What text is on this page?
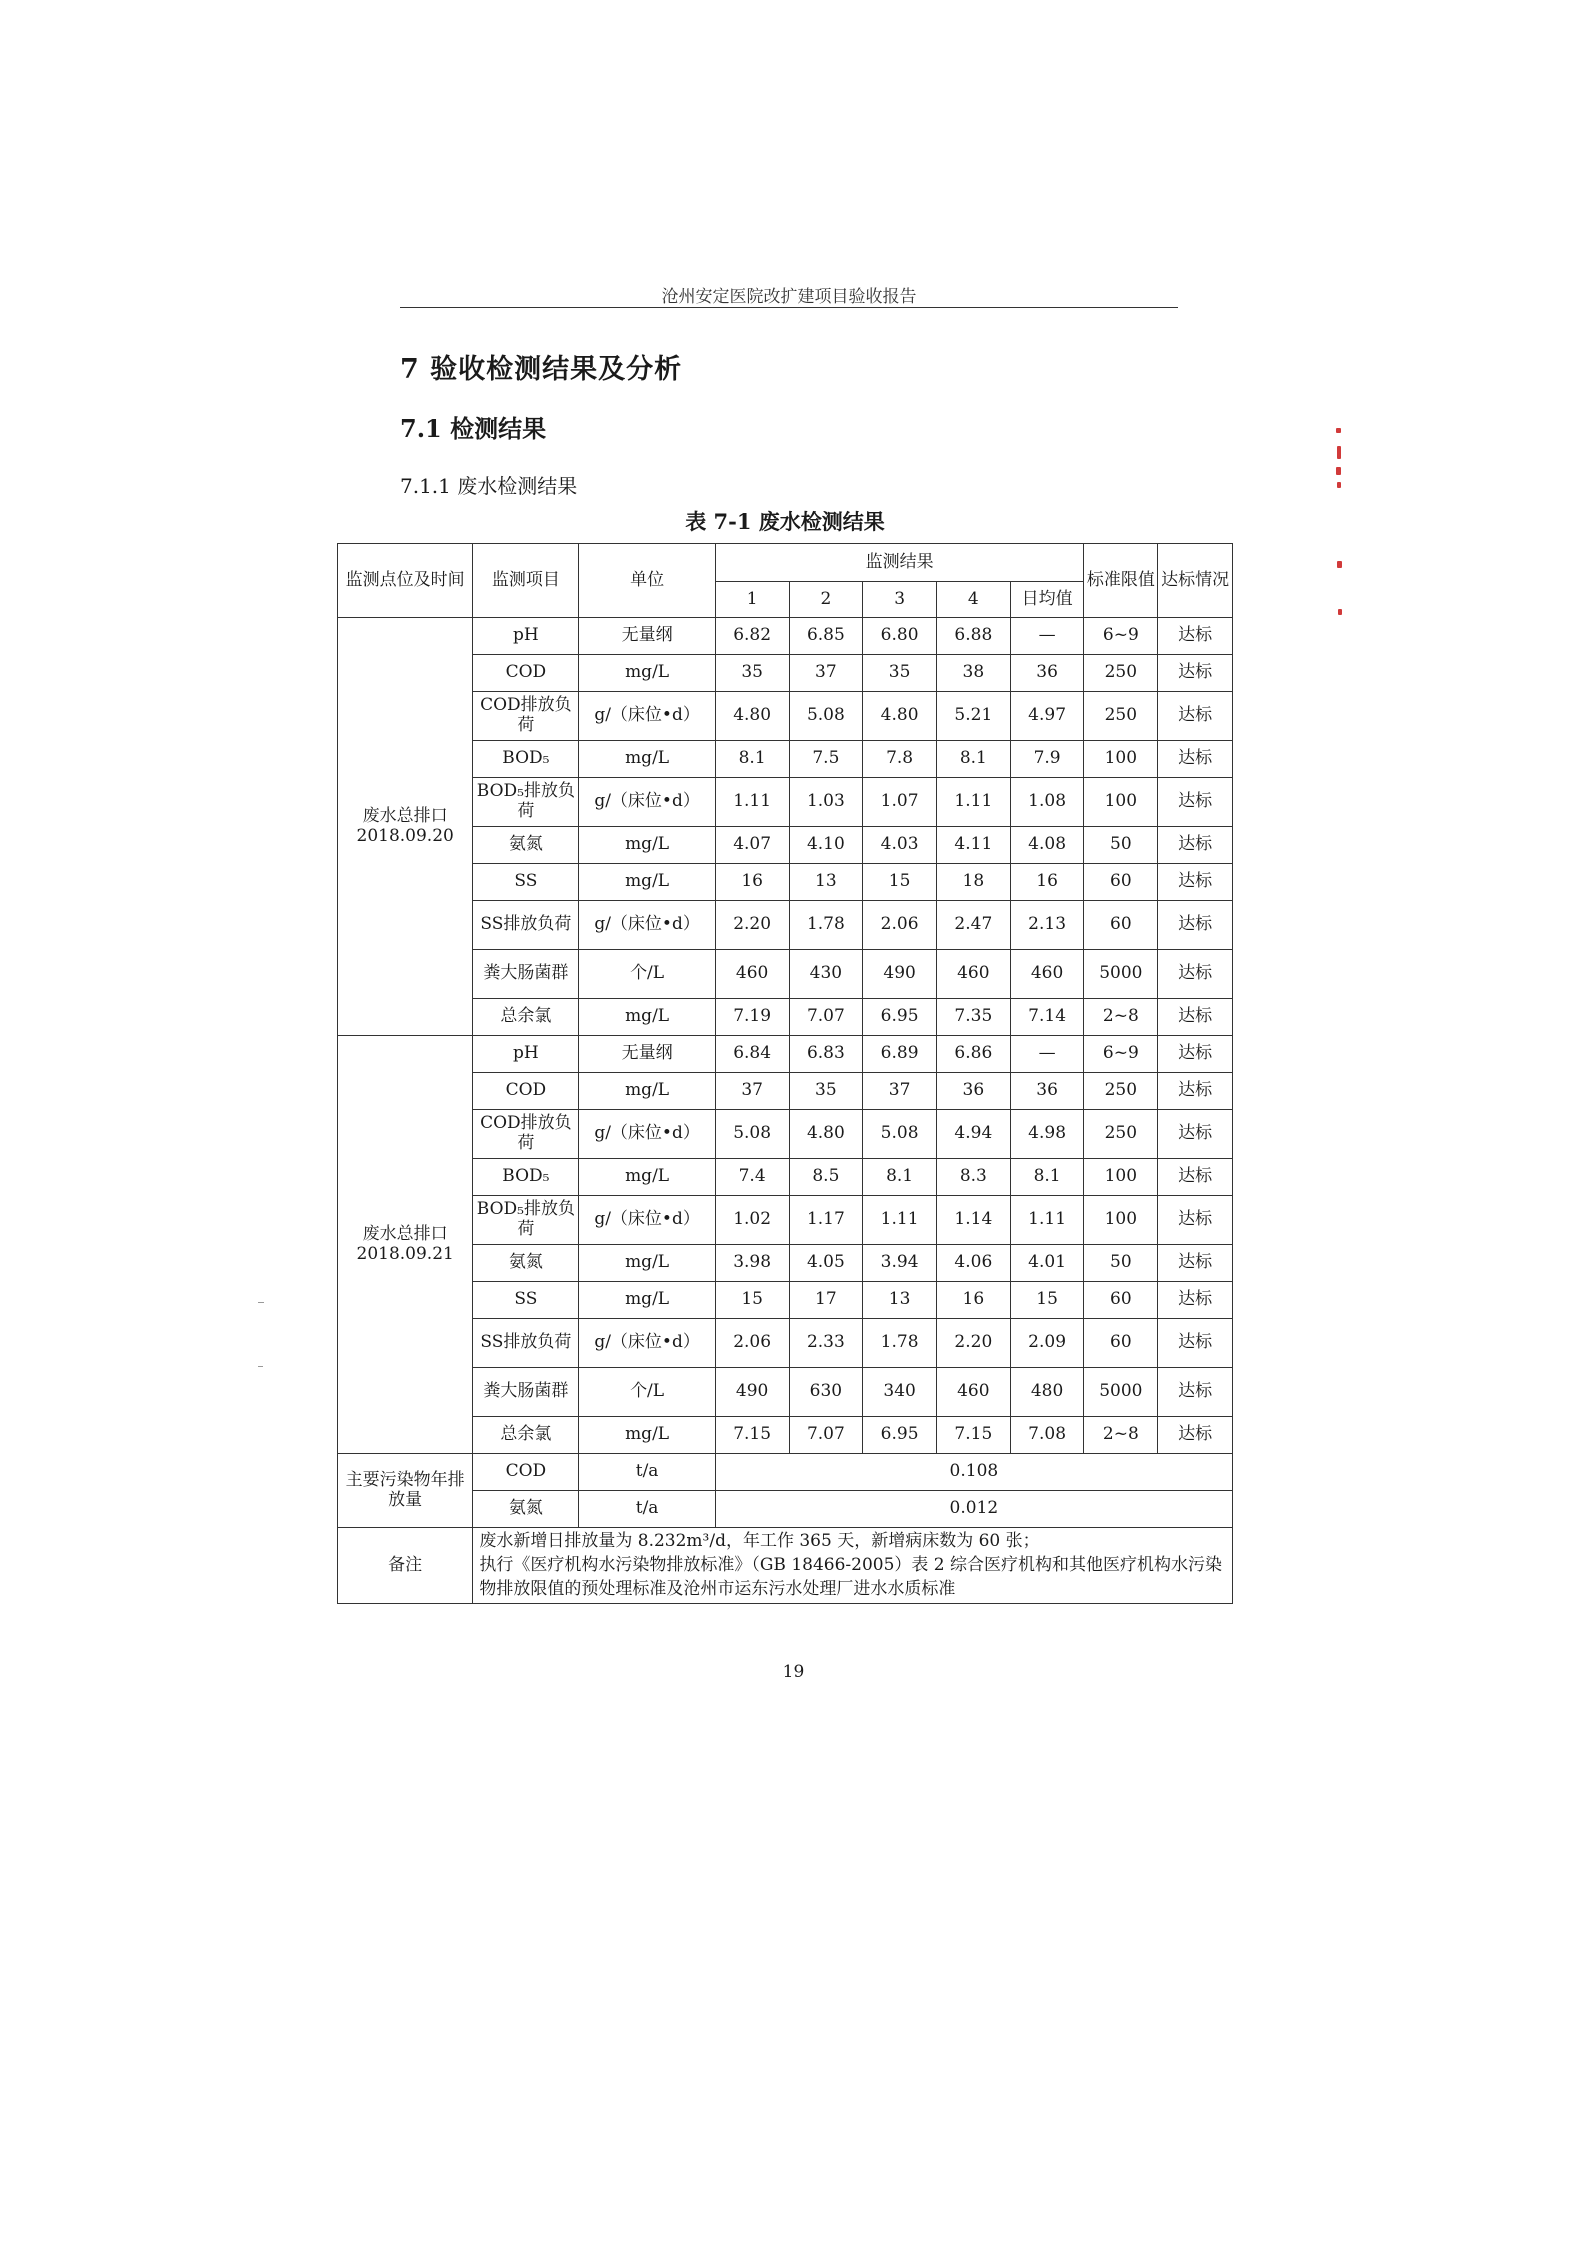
沧州安定医院改扩建项目验收报告
7 验收检测结果及分析
7.1 检测结果
7.1.1 废水检测结果
表 7-1 废水检测结果
监测点位及时间	监测项目	单位	监测结果					标准限值	达标情况
			1	2	3	4	日均值		

废水总排口
2018.09.20	pH	无量纲	6.82	6.85	6.80	6.88	—	6~9	达标
	COD	mg/L	35	37	35	38	36	250	达标
	COD排放负荷	g/（床位•d）	4.80	5.08	4.80	5.21	4.97	250	达标
	BOD₅	mg/L	8.1	7.5	7.8	8.1	7.9	100	达标
	BOD₅排放负荷	g/（床位•d）	1.11	1.03	1.07	1.11	1.08	100	达标
	氨氮	mg/L	4.07	4.10	4.03	4.11	4.08	50	达标
	SS	mg/L	16	13	15	18	16	60	达标
	SS排放负荷	g/（床位•d）	2.20	1.78	2.06	2.47	2.13	60	达标
	粪大肠菌群	个/L	460	430	490	460	460	5000	达标
	总余氯	mg/L	7.19	7.07	6.95	7.35	7.14	2~8	达标

废水总排口
2018.09.21	pH	无量纲	6.84	6.83	6.89	6.86	—	6~9	达标
	COD	mg/L	37	35	37	36	36	250	达标
	COD排放负荷	g/（床位•d）	5.08	4.80	5.08	4.94	4.98	250	达标
	BOD₅	mg/L	7.4	8.5	8.1	8.3	8.1	100	达标
	BOD₅排放负荷	g/（床位•d）	1.02	1.17	1.11	1.14	1.11	100	达标
	氨氮	mg/L	3.98	4.05	3.94	4.06	4.01	50	达标
	SS	mg/L	15	17	13	16	15	60	达标
	SS排放负荷	g/（床位•d）	2.06	2.33	1.78	2.20	2.09	60	达标
	粪大肠菌群	个/L	490	630	340	460	480	5000	达标
	总余氯	mg/L	7.15	7.07	6.95	7.15	7.08	2~8	达标
主要污染物年排放量	COD	t/a	0.108						
	氨氮	t/a	0.012						
备注	废水新增日排放量为 8.232m³/d，年工作 365 天，新增病床数为 60 张；
执行《医疗机构水污染物排放标准》（GB 18466-2005）表 2 综合医疗机构和其他医疗机构水污染物排放限值的预处理标准及沧州市运东污水处理厂进水水质标准								
19
